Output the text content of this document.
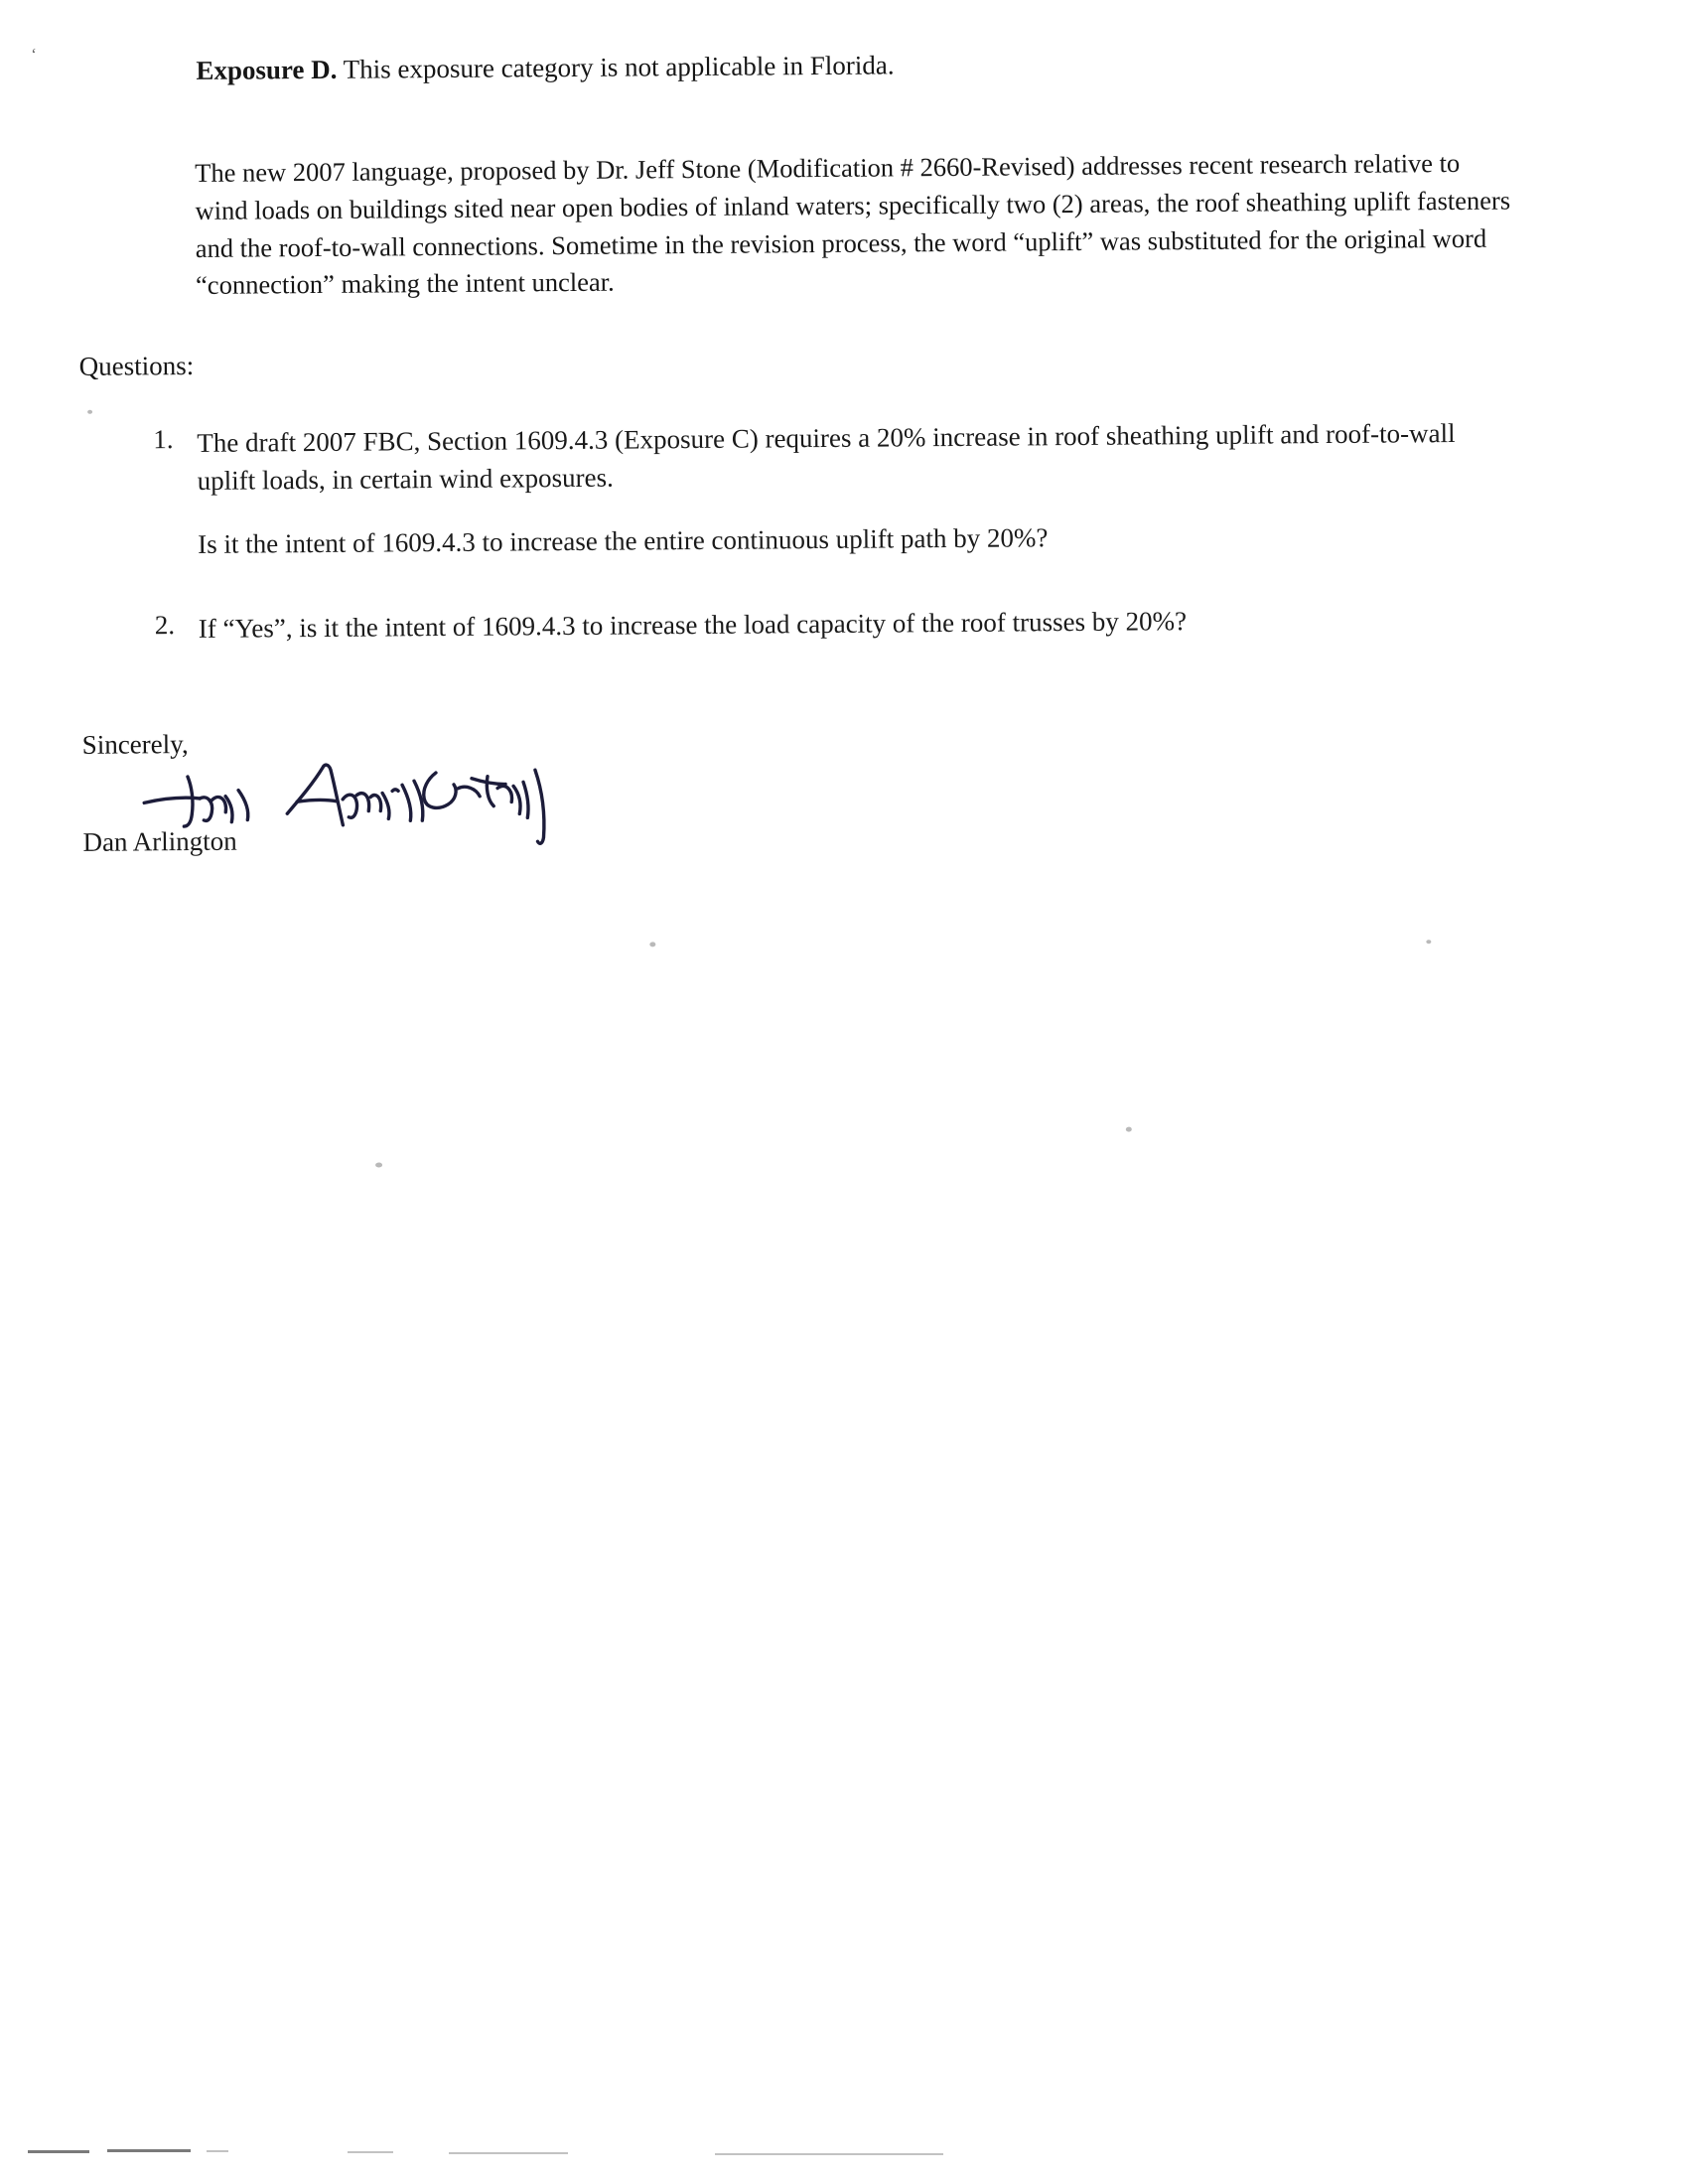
‘
Exposure D. This exposure category is not applicable in Florida.
The new 2007 language, proposed by Dr. Jeff Stone (Modification # 2660-Revised) addresses recent research relative to wind loads on buildings sited near open bodies of inland waters; specifically two (2) areas, the roof sheathing uplift fasteners and the roof-to-wall connections. Sometime in the revision process, the word “uplift” was substituted for the original word “connection” making the intent unclear.
Questions:
1. The draft 2007 FBC, Section 1609.4.3 (Exposure C) requires a 20% increase in roof sheathing uplift and roof-to-wall uplift loads, in certain wind exposures.
Is it the intent of 1609.4.3 to increase the entire continuous uplift path by 20%?
2. If “Yes”, is it the intent of 1609.4.3 to increase the load capacity of the roof trusses by 20%?
Sincerely,
Dan Arlington
